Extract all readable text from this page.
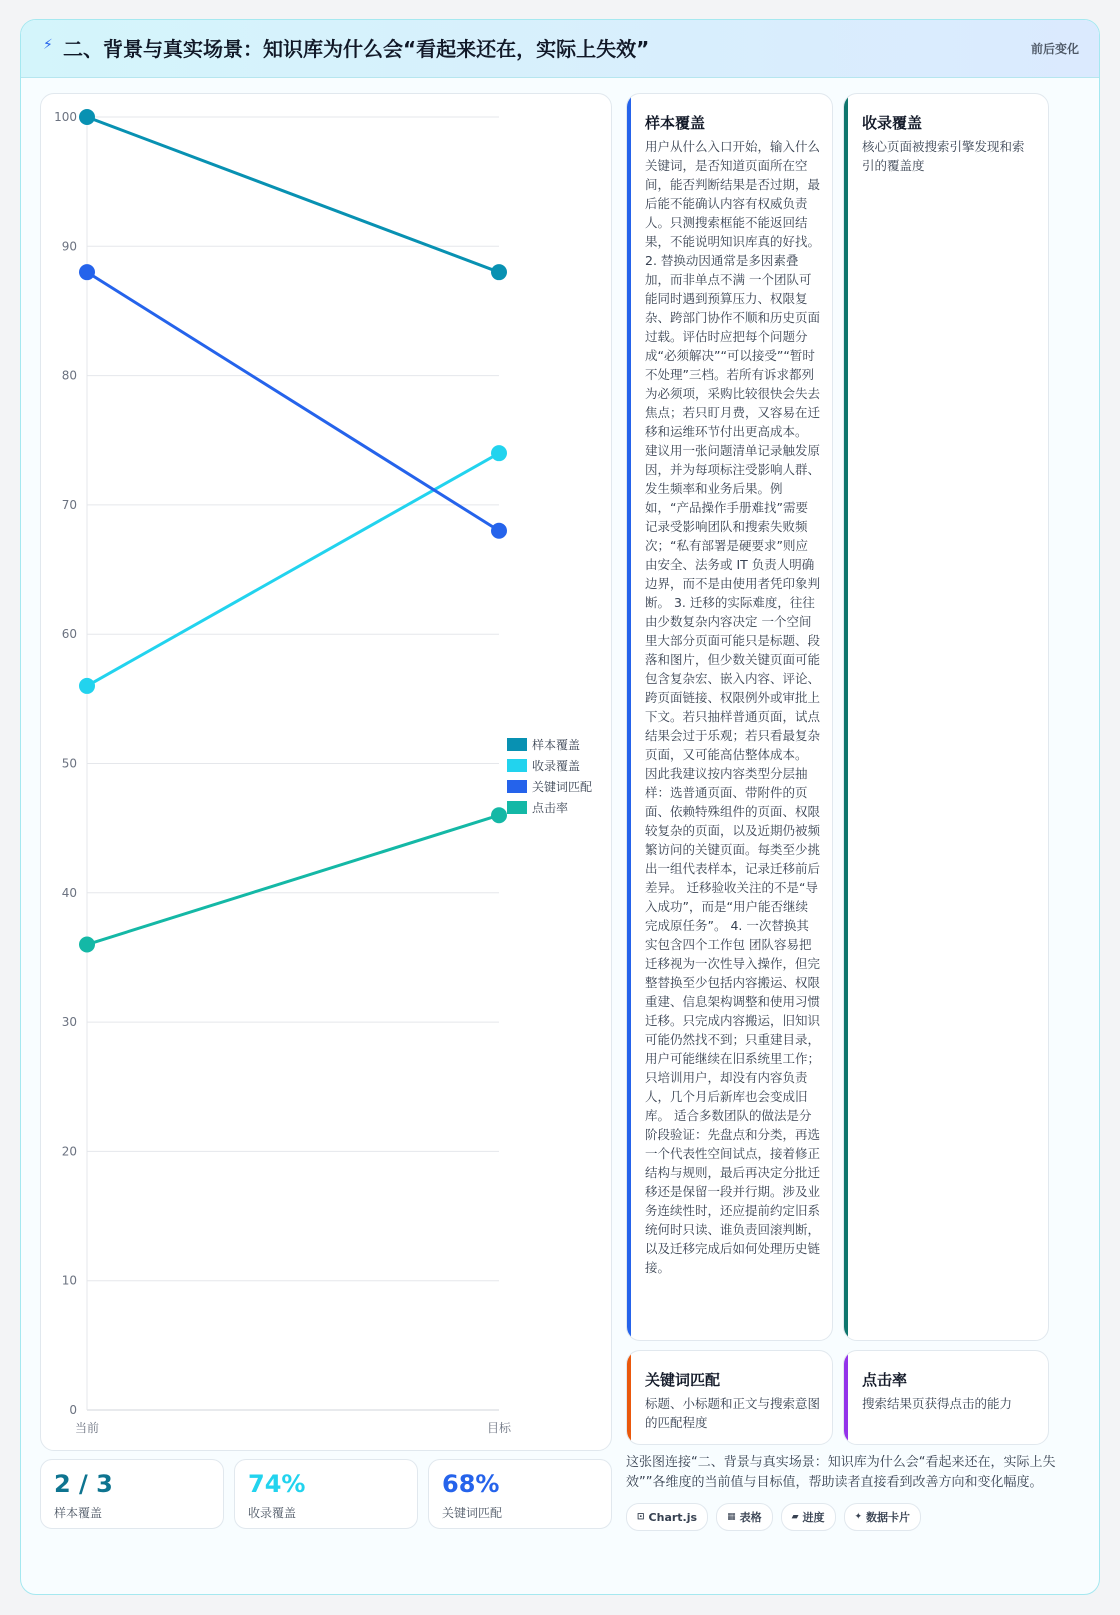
⚡ 二、背景与真实场景：知识库为什么会“看起来还在，实际上失效”	前后变化
0
10
20
30
40
50
60
70
80
90
100
当前	目标
样本覆盖
收录覆盖
关键词匹配
点击率
样本覆盖

用户从什么入口开始，输入什么关键词，是否知道页面所在空间，能否判断结果是否过期，最后能不能确认内容有权威负责人。只测搜索框能不能返回结果，不能说明知识库真的好找。 2. 替换动因通常是多因素叠加，而非单点不满 一个团队可能同时遇到预算压力、权限复杂、跨部门协作不顺和历史页面过载。评估时应把每个问题分成“必须解决”“可以接受”“暂时不处理”三档。若所有诉求都列为必须项，采购比较很快会失去焦点；若只盯月费，又容易在迁移和运维环节付出更高成本。 建议用一张问题清单记录触发原因，并为每项标注受影响人群、发生频率和业务后果。例如，“产品操作手册难找”需要记录受影响团队和搜索失败频次；“私有部署是硬要求”则应由安全、法务或 IT 负责人明确边界，而不是由使用者凭印象判断。 3. 迁移的实际难度，往往由少数复杂内容决定 一个空间里大部分页面可能只是标题、段落和图片，但少数关键页面可能包含复杂宏、嵌入内容、评论、跨页面链接、权限例外或审批上下文。若只抽样普通页面，试点结果会过于乐观；若只看最复杂页面，又可能高估整体成本。 因此我建议按内容类型分层抽样：选普通页面、带附件的页面、依赖特殊组件的页面、权限较复杂的页面，以及近期仍被频繁访问的关键页面。每类至少挑出一组代表样本，记录迁移前后差异。 迁移验收关注的不是“导入成功”，而是“用户能否继续完成原任务”。 4. 一次替换其实包含四个工作包 团队容易把迁移视为一次性导入操作，但完整替换至少包括内容搬运、权限重建、信息架构调整和使用习惯迁移。只完成内容搬运，旧知识可能仍然找不到；只重建目录，用户可能继续在旧系统里工作；只培训用户，却没有内容负责人，几个月后新库也会变成旧库。 适合多数团队的做法是分阶段验证：先盘点和分类，再选一个代表性空间试点，接着修正结构与规则，最后再决定分批迁移还是保留一段并行期。涉及业务连续性时，还应提前约定旧系统何时只读、谁负责回滚判断，以及迁移完成后如何处理历史链接。

收录覆盖

核心页面被搜索引擎发现和索引的覆盖度

关键词匹配

标题、小标题和正文与搜索意图的匹配程度

点击率

搜索结果页获得点击的能力

2 / 3
样本覆盖
74%
收录覆盖
68%
关键词匹配
这张图连接“二、背景与真实场景：知识库为什么会“看起来还在，实际上失效””各维度的当前值与目标值，帮助读者直接看到改善方向和变化幅度。
⊡ Chart.js	▦ 表格	▰ 进度	✦ 数据卡片
